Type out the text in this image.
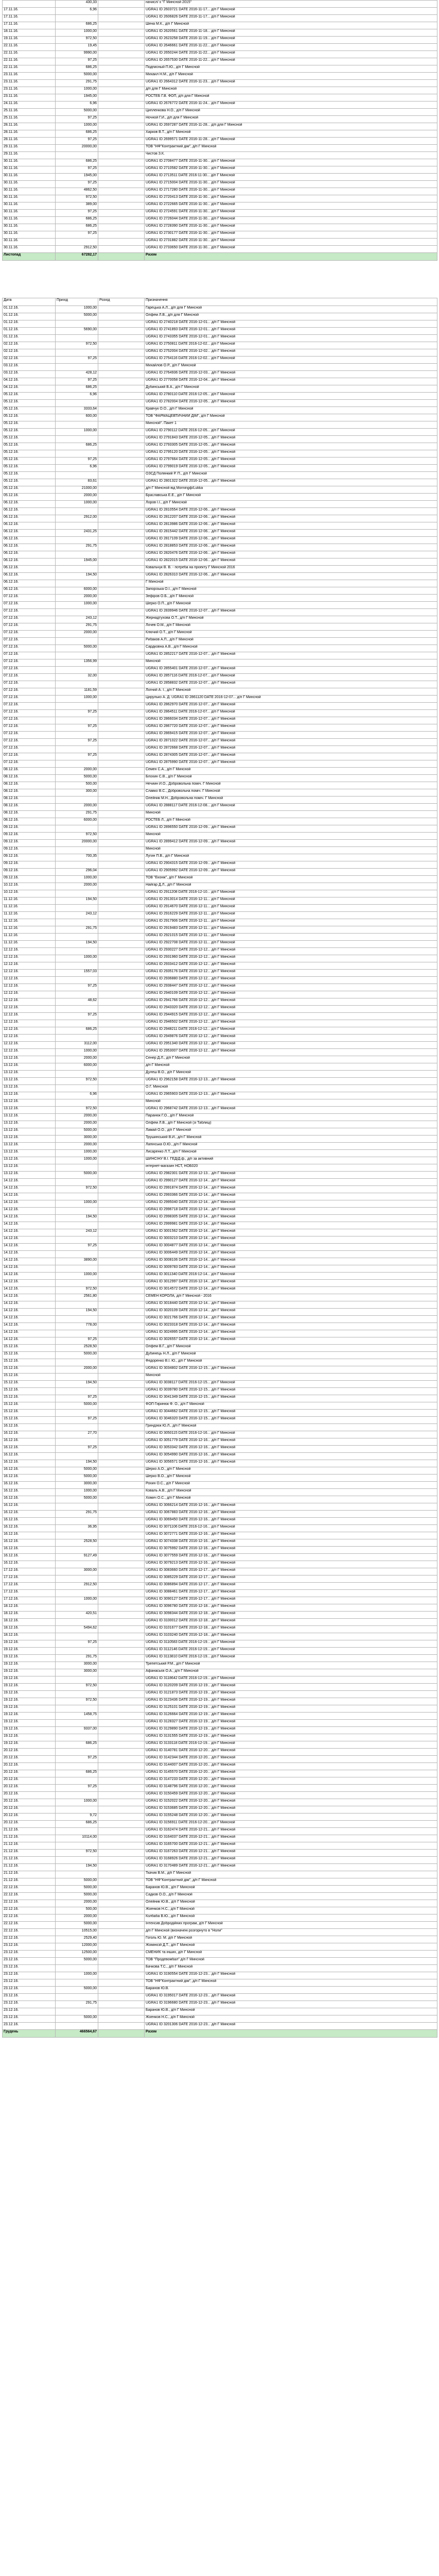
	430,33		начисл/ x "Г Минсной 2015"
17.11.16.	6,96		UGRA1 ID 2603721 DATE 2016-11-17... д/п Г Минсной
17.11.16.			UGRA1 ID 2606826 DATE 2016-11-17... д/п Г Минсной
17.11.16.	686,25		Шена М.К., д/п Г Минсной
18.11.16.	1000,00		UGRA1 ID 2620561 DATE 2016-11-18... д/п Г Минсной
19.11.16.	972,50		UGRA1 ID 2623258 DATE 2016-11-19... д/п Г Минсной
22.11.16.	19,45		UGRA1 ID 2646661 DATE 2016-11-22... д/п Г Минсной
22.11.16.	9990,00		UGRA1 ID 2650244 DATE 2016-11-22... д/п Г Минсной
22.11.16.	97,25		UGRA1 ID 2657530 DATE 2016-11-22... д/п Г Минсной
22.11.16.	686,25		Подписный П.Ю., д/п Г Минсной
23.11.16.	5000,00		Михаил Н.М., д/п Г Минсной
23.11.16.	291,75		UGRA1 ID 2664312 DATE 2016-11-23... д/п Г Минсной
23.11.16.	1000,00		д/п для Г Минсной
23.11.16.	1945,00		РОСТЕБ Г.В. ФОП, д/п для Г Минсной
24.11.16.	6,96		UGRA1 ID 2676772 DATE 2016-11-24... д/п Г Минсной
25.11.16.	5000,00		Ципленкова Н.О., д/п Г Минсной
25.11.16.	97,25		Ночной Г.И., д/п для Г Минсной
28.11.16.	1000,00		UGRA1 ID 2697287 DATE 2016-11-28... д/п для Г Минсной
28.11.16.	686,25		Харков В.Т., д/п Г Минсной
28.11.16.	97,25		UGRA1 ID 2699571 DATE 2016-11-28... д/п Г Минсной
29.11.16.	20000,00		ТОВ "НФ"Контрактний дім", д/п Г Минсной
29.11.16.			Чистов З.К.
30.11.16.	686,25		UGRA1 ID 2708477 DATE 2016-11-30... д/п Г Минсной
30.11.16.	97,25		UGRA1 ID 2710582 DATE 2016-11-30... д/п Г Минсной
30.11.16.	1945,00		UGRA1 ID 2713511 DATE 2016-11-30... д/п Г Минсной
30.11.16.	97,25		UGRA1 ID 2715004 DATE 2016-11-30... д/п Г Минсной
30.11.16.	4862,50		UGRA1 ID 2717280 DATE 2016-11-30... д/п Г Минсной
30.11.16.	972,50		UGRA1 ID 2720413 DATE 2016-11-30... д/п Г Минсной
30.11.16.	389,00		UGRA1 ID 2722665 DATE 2016-11-30... д/п Г Минсной
30.11.16.	97,25		UGRA1 ID 2724591 DATE 2016-11-30... д/п Г Минсной
30.11.16.	686,25		UGRA1 ID 2726044 DATE 2016-11-30... д/п Г Минсной
30.11.16.	686,25		UGRA1 ID 2728390 DATE 2016-11-30... д/п Г Минсной
30.11.16.	97,25		UGRA1 ID 2730177 DATE 2016-11-30... д/п Г Минсной
30.11.16.			UGRA1 ID 2731882 DATE 2016-11-30... д/п Г Минсной
30.11.16.	2912,50		UGRA1 ID 2733650 DATE 2016-11-30... д/п Г Минсной
Листопад	67282,17		Разом
Дата	Прихід	Розхід	Призначення
01.12.16.	1000,00		Гарецька А.Л., д/п для Г Минсной
01.12.16.	5000,00		Олфем Л.В., д/п для Г Минсной
01.12.16.			UGRA1 ID 2740218 DATE 2016-12-01... д/п Г Минсной
01.12.16.	5690,00		UGRA1 ID 2741893 DATE 2016-12-01... д/п Г Минсной
01.12.16.			UGRA1 ID 2743355 DATE 2016-12-01... д/п Г Минсной
02.12.16.	972,50		UGRA1 ID 2750811 DATE 2016-12-02... д/п Г Минсной
02.12.16.			UGRA1 ID 2752004 DATE 2016-12-02... д/п Г Минсной
02.12.16.	97,25		UGRA1 ID 2754116 DATE 2016-12-02... д/п Г Минсной
03.12.16.			Михайлов О.Р., д/п Г Минсной
03.12.16.	428,12		UGRA1 ID 2764936 DATE 2016-12-03... д/п Г Минсной
04.12.16.	97,25		UGRA1 ID 2770058 DATE 2016-12-04... д/п Г Минсной
04.12.16.	686,25		Дубинський В.А., д/п Г Минсной
05.12.16.	6,96		UGRA1 ID 2780110 DATE 2016-12-05... д/п Г Минсной
05.12.16.			UGRA1 ID 2782004 DATE 2016-12-05... д/п Г Минсной
05.12.16.	3333,64		Кравчук О.О., д/п Г Минсной
05.12.16.	600,00		ТОВ "ФАРМАЦЕВТИЧНИЙ ДІМ", д/п Г Минсной
05.12.16.			Минсной". Пакет 1
05.12.16.	1000,00		UGRA1 ID 2790112 DATE 2016-12-05... д/п Г Минсной
05.12.16.			UGRA1 ID 2791843 DATE 2016-12-05... д/п Г Минсной
05.12.16.	686,25		UGRA1 ID 2793305 DATE 2016-12-05... д/п Г Минсной
05.12.16.			UGRA1 ID 2795120 DATE 2016-12-05... д/п Г Минсной
05.12.16.	97,25		UGRA1 ID 2797664 DATE 2016-12-05... д/п Г Минсной
05.12.16.	6,96		UGRA1 ID 2799019 DATE 2016-12-05... д/п Г Минсной
05.12.16.			ОЗСД Полянкий Р. П., д/п Г Минсной
05.12.16.	83,61		UGRA1 ID 2801322 DATE 2016-12-05... д/п Г Минсной
05.12.16.	21000,00		д/п Г Минсной від Morningф/Lukka
05.12.16.	2000,00		Браславська Е.Е., д/п Г Минсной
06.12.16.	1000,00		Лоров І.І., д/п Г Минсной
06.12.16.			UGRA1 ID 2810554 DATE 2016-12-06... д/п Г Минсной
06.12.16.	2912,00		UGRA1 ID 2812207 DATE 2016-12-06... д/п Г Минсной
06.12.16.			UGRA1 ID 2813986 DATE 2016-12-06... д/п Г Минсной
06.12.16.	2431,25		UGRA1 ID 2815442 DATE 2016-12-06... д/п Г Минсной
06.12.16.			UGRA1 ID 2817109 DATE 2016-12-06... д/п Г Минсной
06.12.16.	291,75		UGRA1 ID 2818853 DATE 2016-12-06... д/п Г Минсной
06.12.16.			UGRA1 ID 2820476 DATE 2016-12-06... д/п Г Минсной
06.12.16.	1945,00		UGRA1 ID 2822015 DATE 2016-12-06... д/п Г Минсной
06.12.16.			Ковальчук В. В. - потреба на проекту Г Минсной 2016
06.12.16.	194,50		UGRA1 ID 2826310 DATE 2016-12-06... д/п Г Минсной
06.12.16.			Г Минсной
06.12.16.	6000,00		Запорізька О.І., д/п Г Минсной
07.12.16.	2000,00		Зефіров О.Б., д/п Г Минсной
07.12.16.	1000,00		Шерко О.П., д/п Г Минсной
07.12.16.			UGRA1 ID 2839946 DATE 2016-12-07... д/п Г Минсной
07.12.16.	243,12		Жернадтухова О.Т., д/п Г Минсной
07.12.16.	291,75		Лочев О.М., д/п Г Минсной
07.12.16.	2000,00		Ключий О.Т., д/п Г Минсной
07.12.16.			Рибаков А.П., д/п Г Минсной
07.12.16.	5000,00		Сардковна А.В., д/п Г Минсной
07.12.16.			UGRA1 ID 2852217 DATE 2016-12-07... д/п Г Минсной
07.12.16.	1356,99		Минсной
07.12.16.			UGRA1 ID 2855401 DATE 2016-12-07... д/п Г Минсной
07.12.16.	32,00		UGRA1 ID 2857116 DATE 2016-12-07... д/п Г Минсной
07.12.16.			UGRA1 ID 2858832 DATE 2016-12-07... д/п Г Минсной
07.12.16.	1181,59		Логний А. І., д/п Г Минсной
07.12.16.	1000,00		Цирулько А. Д. UGRA1 ID 2861120 DATE 2016-12-07... д/п Г Минсной
07.12.16.			UGRA1 ID 2862970 DATE 2016-12-07... д/п Г Минсной
07.12.16.	97,25		UGRA1 ID 2864511 DATE 2016-12-07... д/п Г Минсной
07.12.16.			UGRA1 ID 2866034 DATE 2016-12-07... д/п Г Минсной
07.12.16.	97,25		UGRA1 ID 2867720 DATE 2016-12-07... д/п Г Минсной
07.12.16.			UGRA1 ID 2869415 DATE 2016-12-07... д/п Г Минсной
07.12.16.	97,25		UGRA1 ID 2871022 DATE 2016-12-07... д/п Г Минсной
07.12.16.			UGRA1 ID 2872668 DATE 2016-12-07... д/п Г Минсной
07.12.16.	97,25		UGRA1 ID 2874305 DATE 2016-12-07... д/п Г Минсной
07.12.16.			UGRA1 ID 2875990 DATE 2016-12-07... д/п Г Минсной
08.12.16.	2000,00		Семен С.А., д/п Г Минсной
08.12.16.	5000,00		Блохин С.В., д/п Г Минсной
08.12.16.	500,00		Нечиин И.О., Добровольна поміч. Г Минсной
08.12.16.	300,00		Славко В.С., Добровольна поміч. Г Минсной
08.12.16.			Олейник М.Н., Добровольна поміч. Г Минсной
08.12.16.	2000,00		UGRA1 ID 2888117 DATE 2016-12-08... д/п Г Минсной
08.12.16.	291,75		Минсной
08.12.16.	6000,00		РОСТЕБ Л., д/п Г Минсной
09.12.16.			UGRA1 ID 2896550 DATE 2016-12-09... д/п Г Минсной
09.12.16.	972,50		Минсной
09.12.16.	20000,00		UGRA1 ID 2899412 DATE 2016-12-09... д/п Г Минсной
09.12.16.			Минсной
09.12.16.	700,35		Лугин П.В., д/п Г Минсной
09.12.16.			UGRA1 ID 2904315 DATE 2016-12-09... д/п Г Минсной
09.12.16.	296,04		UGRA1 ID 2905992 DATE 2016-12-09... д/п Г Минсной
09.12.16.	1000,00		ТОВ "Еконік", д/п Г Минсной
10.12.16.	2000,00		Найгар Д.Л., д/п Г Минсной
10.12.16.			UGRA1 ID 2911208 DATE 2016-12-10... д/п Г Минсной
11.12.16.	194,50		UGRA1 ID 2913014 DATE 2016-12-11... д/п Г Минсной
11.12.16.			UGRA1 ID 2914670 DATE 2016-12-11... д/п Г Минсной
11.12.16.	243,12		UGRA1 ID 2916229 DATE 2016-12-11... д/п Г Минсной
11.12.16.			UGRA1 ID 2917906 DATE 2016-12-11... д/п Г Минсной
11.12.16.	291,75		UGRA1 ID 2919483 DATE 2016-12-11... д/п Г Минсной
11.12.16.			UGRA1 ID 2921015 DATE 2016-12-11... д/п Г Минсной
11.12.16.	194,50		UGRA1 ID 2922708 DATE 2016-12-11... д/п Г Минсной
12.12.16.			UGRA1 ID 2930227 DATE 2016-12-12... д/п Г Минсной
12.12.16.	1000,00		UGRA1 ID 2931960 DATE 2016-12-12... д/п Г Минсной
12.12.16.			UGRA1 ID 2933412 DATE 2016-12-12... д/п Г Минсной
12.12.16.	1557,03		UGRA1 ID 2935176 DATE 2016-12-12... д/п Г Минсной
12.12.16.			UGRA1 ID 2936880 DATE 2016-12-12... д/п Г Минсной
12.12.16.	97,25		UGRA1 ID 2938447 DATE 2016-12-12... д/п Г Минсной
12.12.16.			UGRA1 ID 2940109 DATE 2016-12-12... д/п Г Минсной
12.12.16.	48,62		UGRA1 ID 2941766 DATE 2016-12-12... д/п Г Минсной
12.12.16.			UGRA1 ID 2943320 DATE 2016-12-12... д/п Г Минсной
12.12.16.	97,25		UGRA1 ID 2944915 DATE 2016-12-12... д/п Г Минсной
12.12.16.			UGRA1 ID 2946502 DATE 2016-12-12... д/п Г Минсной
12.12.16.	686,25		UGRA1 ID 2948211 DATE 2016-12-12... д/п Г Минсной
12.12.16.			UGRA1 ID 2949876 DATE 2016-12-12... д/п Г Минсной
12.12.16.	3112,00		UGRA1 ID 2951340 DATE 2016-12-12... д/п Г Минсной
12.12.16.	1000,00		UGRA1 ID 2953007 DATE 2016-12-12... д/п Г Минсной
13.12.16.	2000,00		Сенер Д.Л., д/п Г Минсной
13.12.16.	6000,00		д/п Г Минсной
13.12.16.			Дулеш В.О., д/п Г Минсной
13.12.16.	972,50		UGRA1 ID 2962158 DATE 2016-12-13... д/п Г Минсной
13.12.16.			О.Г. Минсной
13.12.16.	6,96		UGRA1 ID 2965903 DATE 2016-12-13... д/п Г Минсной
13.12.16.			Минсной
13.12.16.	972,50		UGRA1 ID 2968742 DATE 2016-12-13... д/п Г Минсной
13.12.16.	2000,00		Паранюк Г.О., д/п Г Минсной
13.12.16.	2000,00		Олфем Л.В., д/п Г Минсной (зі Таблиці)
13.12.16.	5000,00		Ламай О.О., д/п Г Минсной
13.12.16.	3000,00		Трушинський В.Й., д/п Г Минсной
13.12.16.	2000,00		Лапінська О.Ю., д/п Г Минсной
13.12.16.	1000,00		Лисаренко Л.Т., д/п Г Минсной
13.12.16.	1000,00		ШИНСІНУ В.І. ГЕД/Д.ф., д/п за активний
13.12.16.			інтернет-магазин НСТ, НОБ020
13.12.16.	5000,00		UGRA1 ID 2982301 DATE 2016-12-13... д/п Г Минсной
14.12.16.			UGRA1 ID 2990127 DATE 2016-12-14... д/п Г Минсной
14.12.16.	972,50		UGRA1 ID 2991874 DATE 2016-12-14... д/п Г Минсной
14.12.16.			UGRA1 ID 2993366 DATE 2016-12-14... д/п Г Минсной
14.12.16.	1000,00		UGRA1 ID 2995040 DATE 2016-12-14... д/п Г Минсной
14.12.16.			UGRA1 ID 2996718 DATE 2016-12-14... д/п Г Минсной
14.12.16.	194,50		UGRA1 ID 2998305 DATE 2016-12-14... д/п Г Минсной
14.12.16.			UGRA1 ID 2999981 DATE 2016-12-14... д/п Г Минсной
14.12.16.	243,12		UGRA1 ID 3001562 DATE 2016-12-14... д/п Г Минсной
14.12.16.			UGRA1 ID 3003210 DATE 2016-12-14... д/п Г Минсной
14.12.16.	97,25		UGRA1 ID 3004877 DATE 2016-12-14... д/п Г Минсной
14.12.16.			UGRA1 ID 3006449 DATE 2016-12-14... д/п Г Минсной
14.12.16.	3890,00		UGRA1 ID 3008106 DATE 2016-12-14... д/п Г Минсной
14.12.16.			UGRA1 ID 3009783 DATE 2016-12-14... д/п Г Минсной
14.12.16.	1000,00		UGRA1 ID 3011340 DATE 2016-12-14... д/п Г Минсной
14.12.16.			UGRA1 ID 3012997 DATE 2016-12-14... д/п Г Минсной
14.12.16.	972,50		UGRA1 ID 3014572 DATE 2016-12-14... д/п Г Минсной
14.12.16.	2561,80		СЕМЕН КОРОЛА, д/п Г Минсной - 2016
14.12.16.			UGRA1 ID 3018440 DATE 2016-12-14... д/п Г Минсной
14.12.16.	194,50		UGRA1 ID 3020109 DATE 2016-12-14... д/п Г Минсной
14.12.16.			UGRA1 ID 3021766 DATE 2016-12-14... д/п Г Минсной
14.12.16.	778,00		UGRA1 ID 3023318 DATE 2016-12-14... д/п Г Минсной
14.12.16.			UGRA1 ID 3024995 DATE 2016-12-14... д/п Г Минсной
14.12.16.	97,25		UGRA1 ID 3026557 DATE 2016-12-14... д/п Г Минсной
15.12.16.	2528,50		Олфем В.Г., д/п Г Минсной
15.12.16.	5000,00		Дубинець Н.Л., д/п Г Минсной
15.12.16.			Федоренко В.І. Ю., д/п Г Минсной
15.12.16.	2000,00		UGRA1 ID 3034802 DATE 2016-12-15... д/п Г Минсной
15.12.16.			Минсной
15.12.16.	194,50		UGRA1 ID 3038117 DATE 2016-12-15... д/п Г Минсной
15.12.16.			UGRA1 ID 3039780 DATE 2016-12-15... д/п Г Минсной
15.12.16.	97,25		UGRA1 ID 3041349 DATE 2016-12-15... д/п Г Минсной
15.12.16.	5000,00		ФОП Гиринюк Ф. О., д/п Г Минсной
15.12.16.			UGRA1 ID 3044662 DATE 2016-12-15... д/п Г Минсной
15.12.16.	97,25		UGRA1 ID 3046320 DATE 2016-12-15... д/п Г Минсной
16.12.16.			Гриндзюк Ю.Л., д/п Г Минсной
16.12.16.	27,70		UGRA1 ID 3050115 DATE 2016-12-16... д/п Г Минсной
16.12.16.			UGRA1 ID 3051779 DATE 2016-12-16... д/п Г Минсной
16.12.16.	97,25		UGRA1 ID 3053342 DATE 2016-12-16... д/п Г Минсной
16.12.16.			UGRA1 ID 3054990 DATE 2016-12-16... д/п Г Минсной
16.12.16.	194,50		UGRA1 ID 3056571 DATE 2016-12-16... д/п Г Минсной
16.12.16.	5000,00		Шерко А.О., д/п Г Минсной
16.12.16.	5000,00		Шерко В.О., д/п Г Минсной
16.12.16.	3000,00		Рохин О.С., д/п Г Минсной
16.12.16.	1000,00		Коваль А.В., д/п Г Минсной
16.12.16.	5000,00		Хомич О.С., д/п Г Минсной
16.12.16.			UGRA1 ID 3066214 DATE 2016-12-16... д/п Г Минсной
16.12.16.	291,75		UGRA1 ID 3067883 DATE 2016-12-16... д/п Г Минсной
16.12.16.			UGRA1 ID 3069450 DATE 2016-12-16... д/п Г Минсной
16.12.16.	36,95		UGRA1 ID 3071106 DATE 2016-12-16... д/п Г Минсной
16.12.16.			UGRA1 ID 3072771 DATE 2016-12-16... д/п Г Минсной
16.12.16.	2528,50		UGRA1 ID 3074338 DATE 2016-12-16... д/п Г Минсной
16.12.16.			UGRA1 ID 3075992 DATE 2016-12-16... д/п Г Минсной
16.12.16.	9127,49		UGRA1 ID 3077559 DATE 2016-12-16... д/п Г Минсной
16.12.16.			UGRA1 ID 3079213 DATE 2016-12-16... д/п Г Минсной
17.12.16.	3000,00		UGRA1 ID 3083660 DATE 2016-12-17... д/п Г Минсной
17.12.16.			UGRA1 ID 3085229 DATE 2016-12-17... д/п Г Минсной
17.12.16.	2912,50		UGRA1 ID 3086894 DATE 2016-12-17... д/п Г Минсной
17.12.16.			UGRA1 ID 3088461 DATE 2016-12-17... д/п Г Минсной
17.12.16.	1000,00		UGRA1 ID 3090127 DATE 2016-12-17... д/п Г Минсной
18.12.16.			UGRA1 ID 3096780 DATE 2016-12-18... д/п Г Минсной
18.12.16.	420,51		UGRA1 ID 3098344 DATE 2016-12-18... д/п Г Минсной
18.12.16.			UGRA1 ID 3100012 DATE 2016-12-18... д/п Г Минсной
18.12.16.	5494,62		UGRA1 ID 3101677 DATE 2016-12-18... д/п Г Минсной
18.12.16.			UGRA1 ID 3103240 DATE 2016-12-18... д/п Г Минсной
19.12.16.	97,25		UGRA1 ID 3110583 DATE 2016-12-19... д/п Г Минсной
19.12.16.			UGRA1 ID 3112146 DATE 2016-12-19... д/п Г Минсной
19.12.16.	291,75		UGRA1 ID 3113810 DATE 2016-12-19... д/п Г Минсной
19.12.16.	3000,00		Трепетський Р.М., д/п Г Минсной
19.12.16.	3000,00		Афанасьєв О.А., д/п Г Минсной
19.12.16.			UGRA1 ID 3118642 DATE 2016-12-19... д/п Г Минсной
19.12.16.	972,50		UGRA1 ID 3120209 DATE 2016-12-19... д/п Г Минсной
19.12.16.			UGRA1 ID 3121873 DATE 2016-12-19... д/п Г Минсной
19.12.16.	972,50		UGRA1 ID 3123436 DATE 2016-12-19... д/п Г Минсной
19.12.16.			UGRA1 ID 3125101 DATE 2016-12-19... д/п Г Минсной
19.12.16.	1458,75		UGRA1 ID 3126664 DATE 2016-12-19... д/п Г Минсной
19.12.16.			UGRA1 ID 3128327 DATE 2016-12-19... д/п Г Минсной
19.12.16.	9337,00		UGRA1 ID 3129890 DATE 2016-12-19... д/п Г Минсной
19.12.16.			UGRA1 ID 3131555 DATE 2016-12-19... д/п Г Минсной
19.12.16.	686,25		UGRA1 ID 3133118 DATE 2016-12-19... д/п Г Минсной
20.12.16.			UGRA1 ID 3140781 DATE 2016-12-20... д/п Г Минсной
20.12.16.	97,25		UGRA1 ID 3142344 DATE 2016-12-20... д/п Г Минсной
20.12.16.			UGRA1 ID 3144007 DATE 2016-12-20... д/п Г Минсной
20.12.16.	686,25		UGRA1 ID 3145570 DATE 2016-12-20... д/п Г Минсной
20.12.16.			UGRA1 ID 3147233 DATE 2016-12-20... д/п Г Минсной
20.12.16.	97,25		UGRA1 ID 3148796 DATE 2016-12-20... д/п Г Минсной
20.12.16.			UGRA1 ID 3150459 DATE 2016-12-20... д/п Г Минсной
20.12.16.	1000,00		UGRA1 ID 3152022 DATE 2016-12-20... д/п Г Минсной
20.12.16.			UGRA1 ID 3153685 DATE 2016-12-20... д/п Г Минсной
20.12.16.	9,72		UGRA1 ID 3155248 DATE 2016-12-20... д/п Г Минсной
20.12.16.	686,25		UGRA1 ID 3156911 DATE 2016-12-20... д/п Г Минсной
21.12.16.			UGRA1 ID 3162474 DATE 2016-12-21... д/п Г Минсной
21.12.16.	10114,00		UGRA1 ID 3164037 DATE 2016-12-21... д/п Г Минсной
21.12.16.			UGRA1 ID 3165700 DATE 2016-12-21... д/п Г Минсной
21.12.16.	972,50		UGRA1 ID 3167263 DATE 2016-12-21... д/п Г Минсной
21.12.16.			UGRA1 ID 3168926 DATE 2016-12-21... д/п Г Минсной
21.12.16.	194,50		UGRA1 ID 3170489 DATE 2016-12-21... д/п Г Минсной
21.12.16.			Ткачик В.М., д/п Г Минсной
21.12.16.	5000,00		ТОВ "НФ"Контрактний дім", д/п Г Минсной
22.12.16.	5000,00		Баранов Ю.В., д/п Г Минсной
22.12.16.	5000,00		Садков О.О., д/п Г Минсной
22.12.16.	2000,00		Олейник Ю.В., д/п Г Минсной
22.12.16.	500,00		Жоенков Н.С., д/п Г Минсной
22.12.16.	2000,00		Колбаба В.Ю., д/п Г Минсной
22.12.16.	5000,00		Інтенсив Добродійних програм, д/п Г Минсной
22.12.16.	10515,00		д/п Г Минсной (визначені розгорнуто в "Ноли"
22.12.16.	2529,40		Гоголь Ю. М. д/п Г Минсной
23.12.16.	12000,00		Жомінісій Д.Т., д/п Г Минсной
23.12.16.	12500,00		СМЕНИК та інших, д/п Г Минсной
23.12.16.	5000,00		ТОВ "Продевомбал" д/п Г Минсной
23.12.16.			Бачкова Т.С., д/п Г Минсной
23.12.16.	1000,00		UGRA1 ID 3190554 DATE 2016-12-23... д/п Г Минсной
23.12.16.			ТОВ "НФ"Контрактний дім", д/п Г Минсной
23.12.16.	5000,00		Баранов Ю.В.
23.12.16.			UGRA1 ID 3195017 DATE 2016-12-23... д/п Г Минсной
23.12.16.	291,75		UGRA1 ID 3196680 DATE 2016-12-23... д/п Г Минсной
23.12.16.			Баранов Ю.В., д/п Г Минсной
23.12.16.	5000,00		Жоенков Н.С., д/п Г Минсной
23.12.16.			UGRA1 ID 3201306 DATE 2016-12-23... д/п Г Минсной
Грудень	466564,67		Разом
